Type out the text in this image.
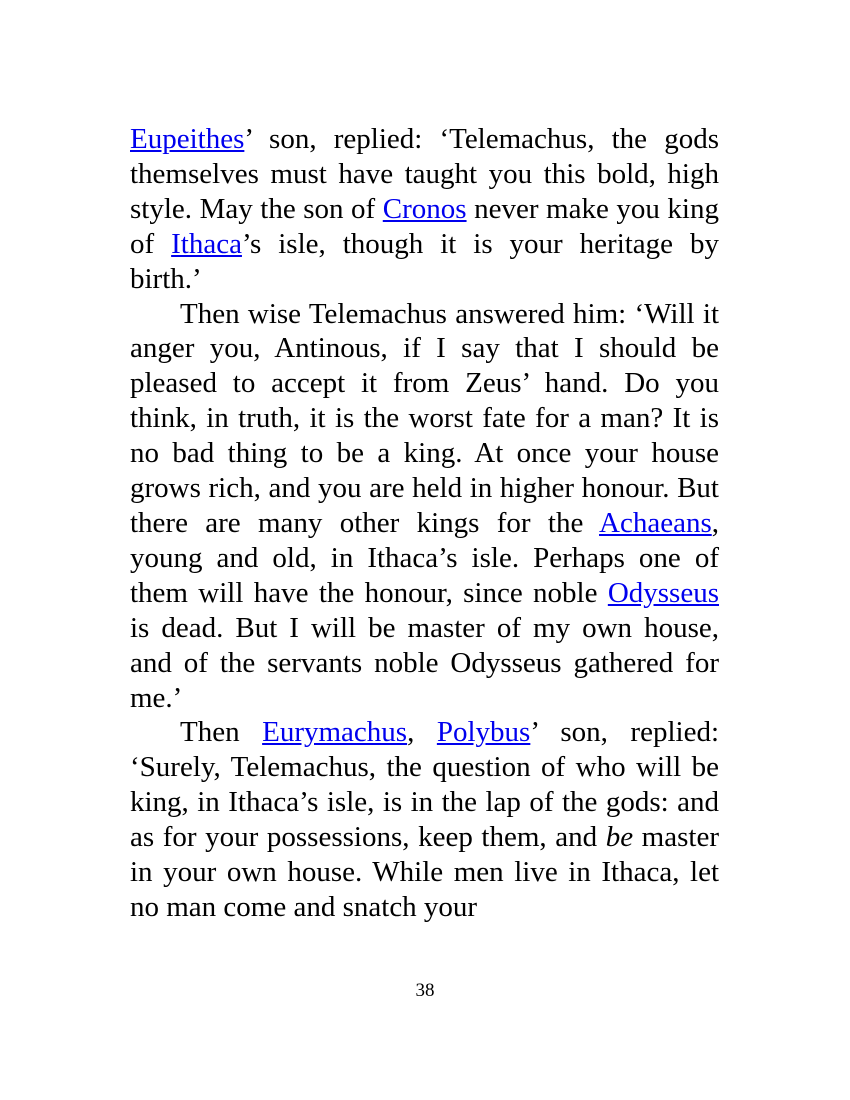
Eupeithes’ son, replied: ‘Telemachus, the gods themselves must have taught you this bold, high style. May the son of Cronos never make you king of Ithaca’s isle, though it is your heritage by birth.’

Then wise Telemachus answered him: ‘Will it anger you, Antinous, if I say that I should be pleased to accept it from Zeus’ hand. Do you think, in truth, it is the worst fate for a man? It is no bad thing to be a king. At once your house grows rich, and you are held in higher honour. But there are many other kings for the Achaeans, young and old, in Ithaca’s isle. Perhaps one of them will have the honour, since noble Odysseus is dead. But I will be master of my own house, and of the servants noble Odysseus gathered for me.’

Then Eurymachus, Polybus’ son, replied: ‘Surely, Telemachus, the question of who will be king, in Ithaca’s isle, is in the lap of the gods: and as for your possessions, keep them, and be master in your own house. While men live in Ithaca, let no man come and snatch your

38
